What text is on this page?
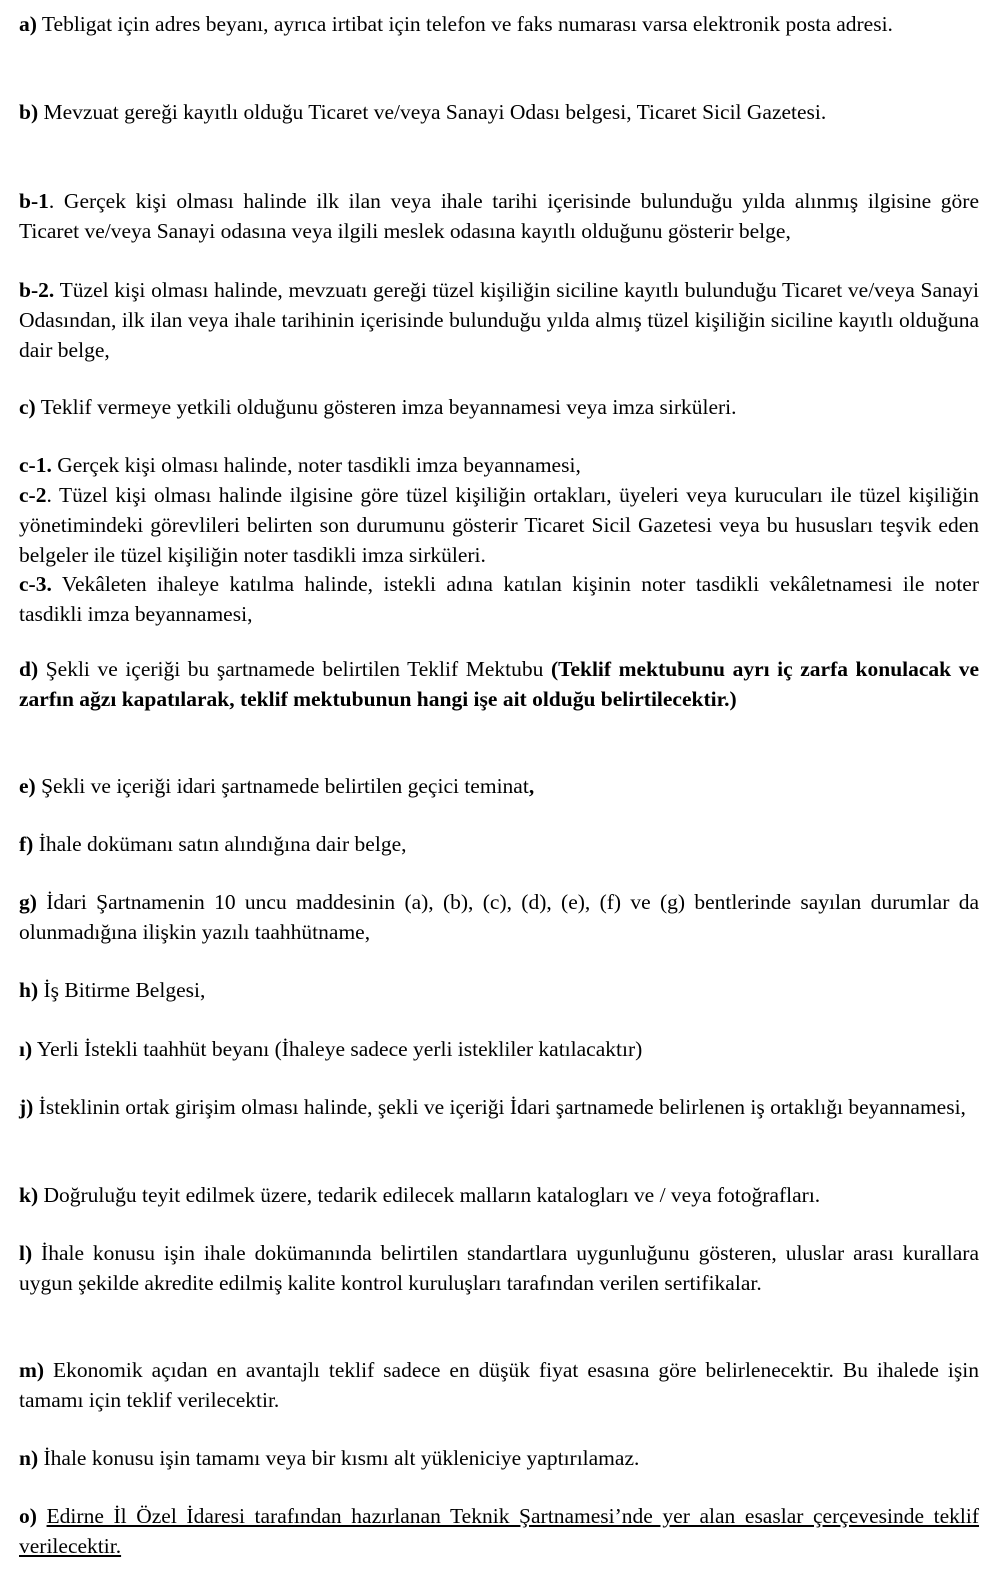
a) Tebligat için adres beyanı, ayrıca irtibat için telefon ve faks numarası varsa elektronik posta adresi.

b) Mevzuat gereği kayıtlı olduğu Ticaret ve/veya Sanayi Odası belgesi, Ticaret Sicil Gazetesi.

b-1. Gerçek kişi olması halinde ilk ilan veya ihale tarihi içerisinde bulunduğu yılda alınmış ilgisine göre Ticaret ve/veya Sanayi odasına veya ilgili meslek odasına kayıtlı olduğunu gösterir belge,

b-2. Tüzel kişi olması halinde, mevzuatı gereği tüzel kişiliğin siciline kayıtlı bulunduğu Ticaret ve/veya Sanayi Odasından, ilk ilan veya ihale tarihinin içerisinde bulunduğu yılda almış tüzel kişiliğin siciline kayıtlı olduğuna dair belge,

c) Teklif vermeye yetkili olduğunu gösteren imza beyannamesi veya imza sirküleri.

c-1. Gerçek kişi olması halinde, noter tasdikli imza beyannamesi,

c-2. Tüzel kişi olması halinde ilgisine göre tüzel kişiliğin ortakları, üyeleri veya kurucuları ile tüzel kişiliğin yönetimindeki görevlileri belirten son durumunu gösterir Ticaret Sicil Gazetesi veya bu hususları teşvik eden belgeler ile tüzel kişiliğin noter tasdikli imza sirküleri.

c-3. Vekâleten ihaleye katılma halinde, istekli adına katılan kişinin noter tasdikli vekâletnamesi ile noter tasdikli imza beyannamesi,

d) Şekli ve içeriği bu şartnamede belirtilen Teklif Mektubu (Teklif mektubunu ayrı iç zarfa konulacak ve zarfın ağzı kapatılarak, teklif mektubunun hangi işe ait olduğu belirtilecektir.)

e) Şekli ve içeriği idari şartnamede belirtilen geçici teminat,

f) İhale dokümanı satın alındığına dair belge,

g) İdari Şartnamenin 10 uncu maddesinin (a), (b), (c), (d), (e), (f) ve (g) bentlerinde sayılan durumlar da olunmadığına ilişkin yazılı taahhütname,

h) İş Bitirme Belgesi,

ı) Yerli İstekli taahhüt beyanı (İhaleye sadece yerli istekliler katılacaktır)

j) İsteklinin ortak girişim olması halinde, şekli ve içeriği İdari şartnamede belirlenen iş ortaklığı beyannamesi,

k) Doğruluğu teyit edilmek üzere, tedarik edilecek malların katalogları ve / veya fotoğrafları.

l) İhale konusu işin ihale dokümanında belirtilen standartlara uygunluğunu gösteren, uluslar arası kurallara uygun şekilde akredite edilmiş kalite kontrol kuruluşları tarafından verilen sertifikalar.

m) Ekonomik açıdan en avantajlı teklif sadece en düşük fiyat esasına göre belirlenecektir. Bu ihalede işin tamamı için teklif verilecektir.

n) İhale konusu işin tamamı veya bir kısmı alt yükleniciye yaptırılamaz.

o) Edirne İl Özel İdaresi tarafından hazırlanan Teknik Şartnamesi’nde yer alan esaslar çerçevesinde teklif verilecektir.
